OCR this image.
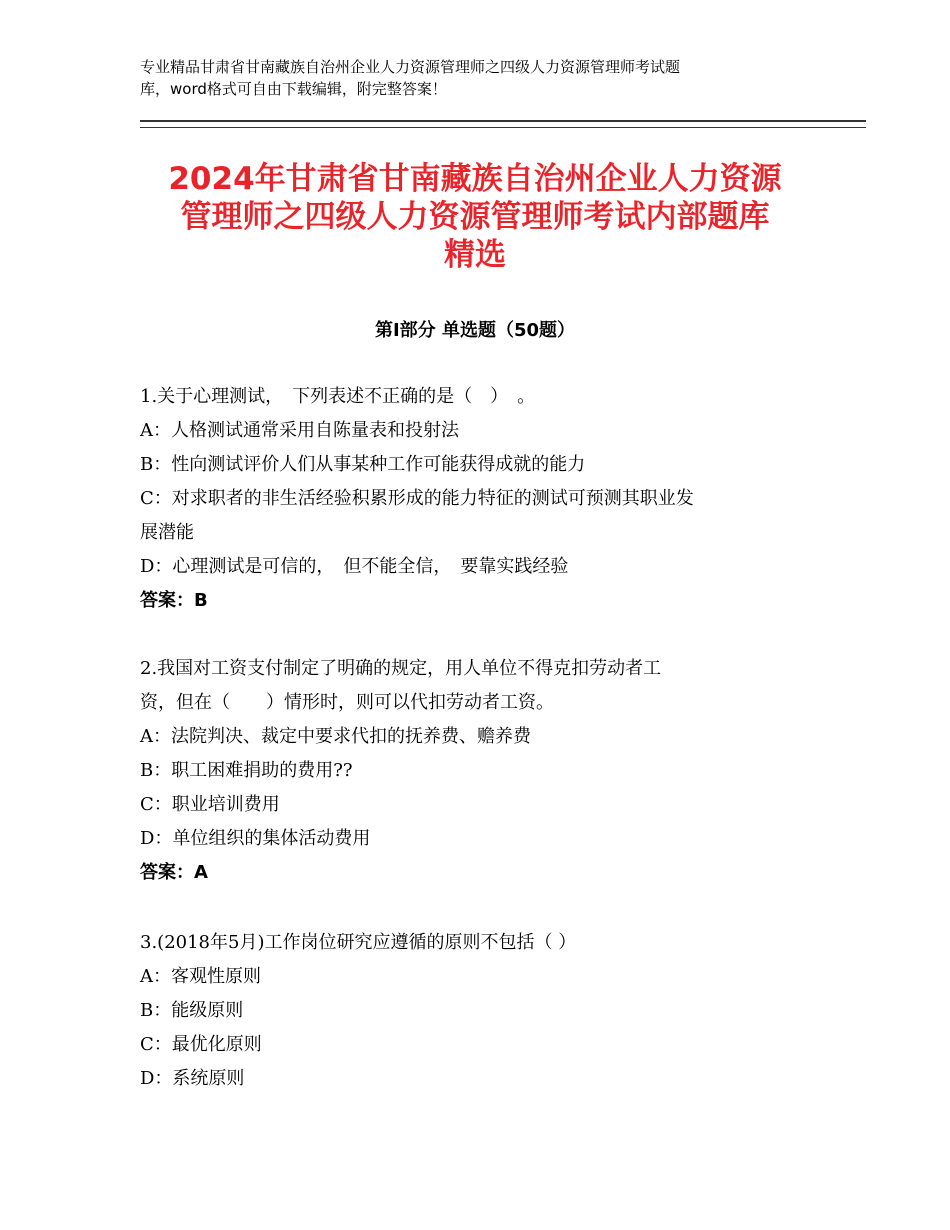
专业精品甘肃省甘南藏族自治州企业人力资源管理师之四级人力资源管理师考试题
库，word格式可自由下载编辑，附完整答案！
2024年甘肃省甘南藏族自治州企业人力资源
管理师之四级人力资源管理师考试内部题库
精选
第Ⅰ部分 单选题（50题）
1.关于心理测试，　下列表述不正确的是（　）　。
A：人格测试通常采用自陈量表和投射法
B：性向测试评价人们从事某种工作可能获得成就的能力
C：对求职者的非生活经验积累形成的能力特征的测试可预测其职业发
展潜能
D：心理测试是可信的，　但不能全信，　要靠实践经验
答案：B
2.我国对工资支付制定了明确的规定，用人单位不得克扣劳动者工
资，但在（　　）情形时，则可以代扣劳动者工资。
A：法院判决、裁定中要求代扣的抚养费、赡养费
B：职工困难捐助的费用??
C：职业培训费用
D：单位组织的集体活动费用
答案：A
3.(2018年5月)工作岗位研究应遵循的原则不包括（ ）
A：客观性原则
B：能级原则
C：最优化原则
D：系统原则
